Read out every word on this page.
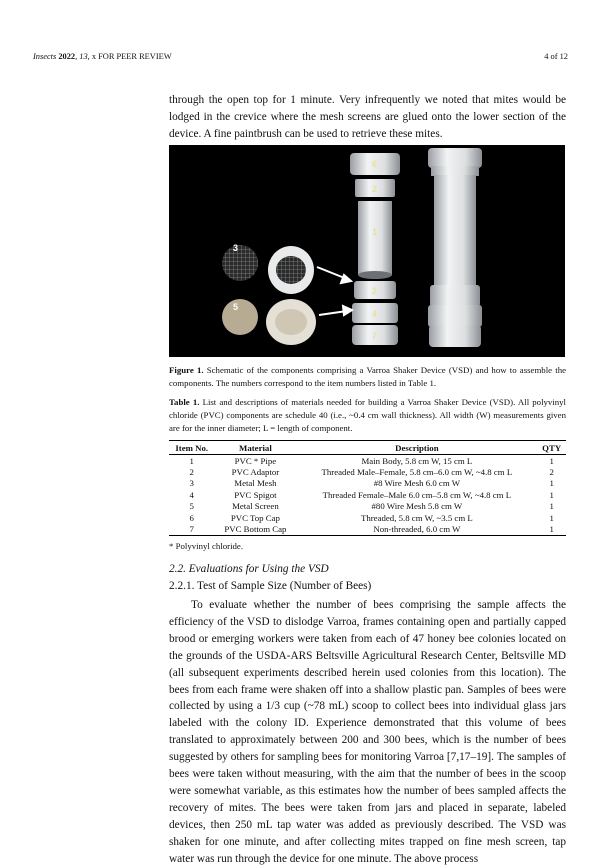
Insects 2022, 13, x FOR PEER REVIEW	4 of 12

through the open top for 1 minute. Very infrequently we noted that mites would be lodged in the crevice where the mesh screens are glued onto the lower section of the device. A fine paintbrush can be used to retrieve these mites.

6
2
1
3
2
5
4
7

Figure 1. Schematic of the components comprising a Varroa Shaker Device (VSD) and how to assemble the components. The numbers correspond to the item numbers listed in Table 1.

Table 1. List and descriptions of materials needed for building a Varroa Shaker Device (VSD). All polyvinyl chloride (PVC) components are schedule 40 (i.e., ~0.4 cm wall thickness). All width (W) measurements given are for the inner diameter; L = length of component.

Item No.	Material	Description	QTY
1	PVC * Pipe	Main Body, 5.8 cm W, 15 cm L	1
2	PVC Adaptor	Threaded Male–Female, 5.8 cm–6.0 cm W, ~4.8 cm L	2
3	Metal Mesh	#8 Wire Mesh 6.0 cm W	1
4	PVC Spigot	Threaded Female–Male 6.0 cm–5.8 cm W, ~4.8 cm L	1
5	Metal Screen	#80 Wire Mesh 5.8 cm W	1
6	PVC Top Cap	Threaded, 5.8 cm W, ~3.5 cm L	1
7	PVC Bottom Cap	Non-threaded, 6.0 cm W	1
* Polyvinyl chloride.
2.2. Evaluations for Using the VSD
2.2.1. Test of Sample Size (Number of Bees)

To evaluate whether the number of bees comprising the sample affects the efficiency of the VSD to dislodge Varroa, frames containing open and partially capped brood or emerging workers were taken from each of 47 honey bee colonies located on the grounds of the USDA-ARS Beltsville Agricultural Research Center, Beltsville MD (all subsequent experiments described herein used colonies from this location). The bees from each frame were shaken off into a shallow plastic pan. Samples of bees were collected by using a 1/3 cup (~78 mL) scoop to collect bees into individual glass jars labeled with the colony ID. Experience demonstrated that this volume of bees translated to approximately between 200 and 300 bees, which is the number of bees suggested by others for sampling bees for monitoring Varroa [7,17–19]. The samples of bees were taken without measuring, with the aim that the number of bees in the scoop were somewhat variable, as this estimates how the number of bees sampled affects the recovery of mites. The bees were taken from jars and placed in separate, labeled devices, then 250 mL tap water was added as previously described. The VSD was shaken for one minute, and after collecting mites trapped on fine mesh screen, tap water was run through the device for one minute. The above process
